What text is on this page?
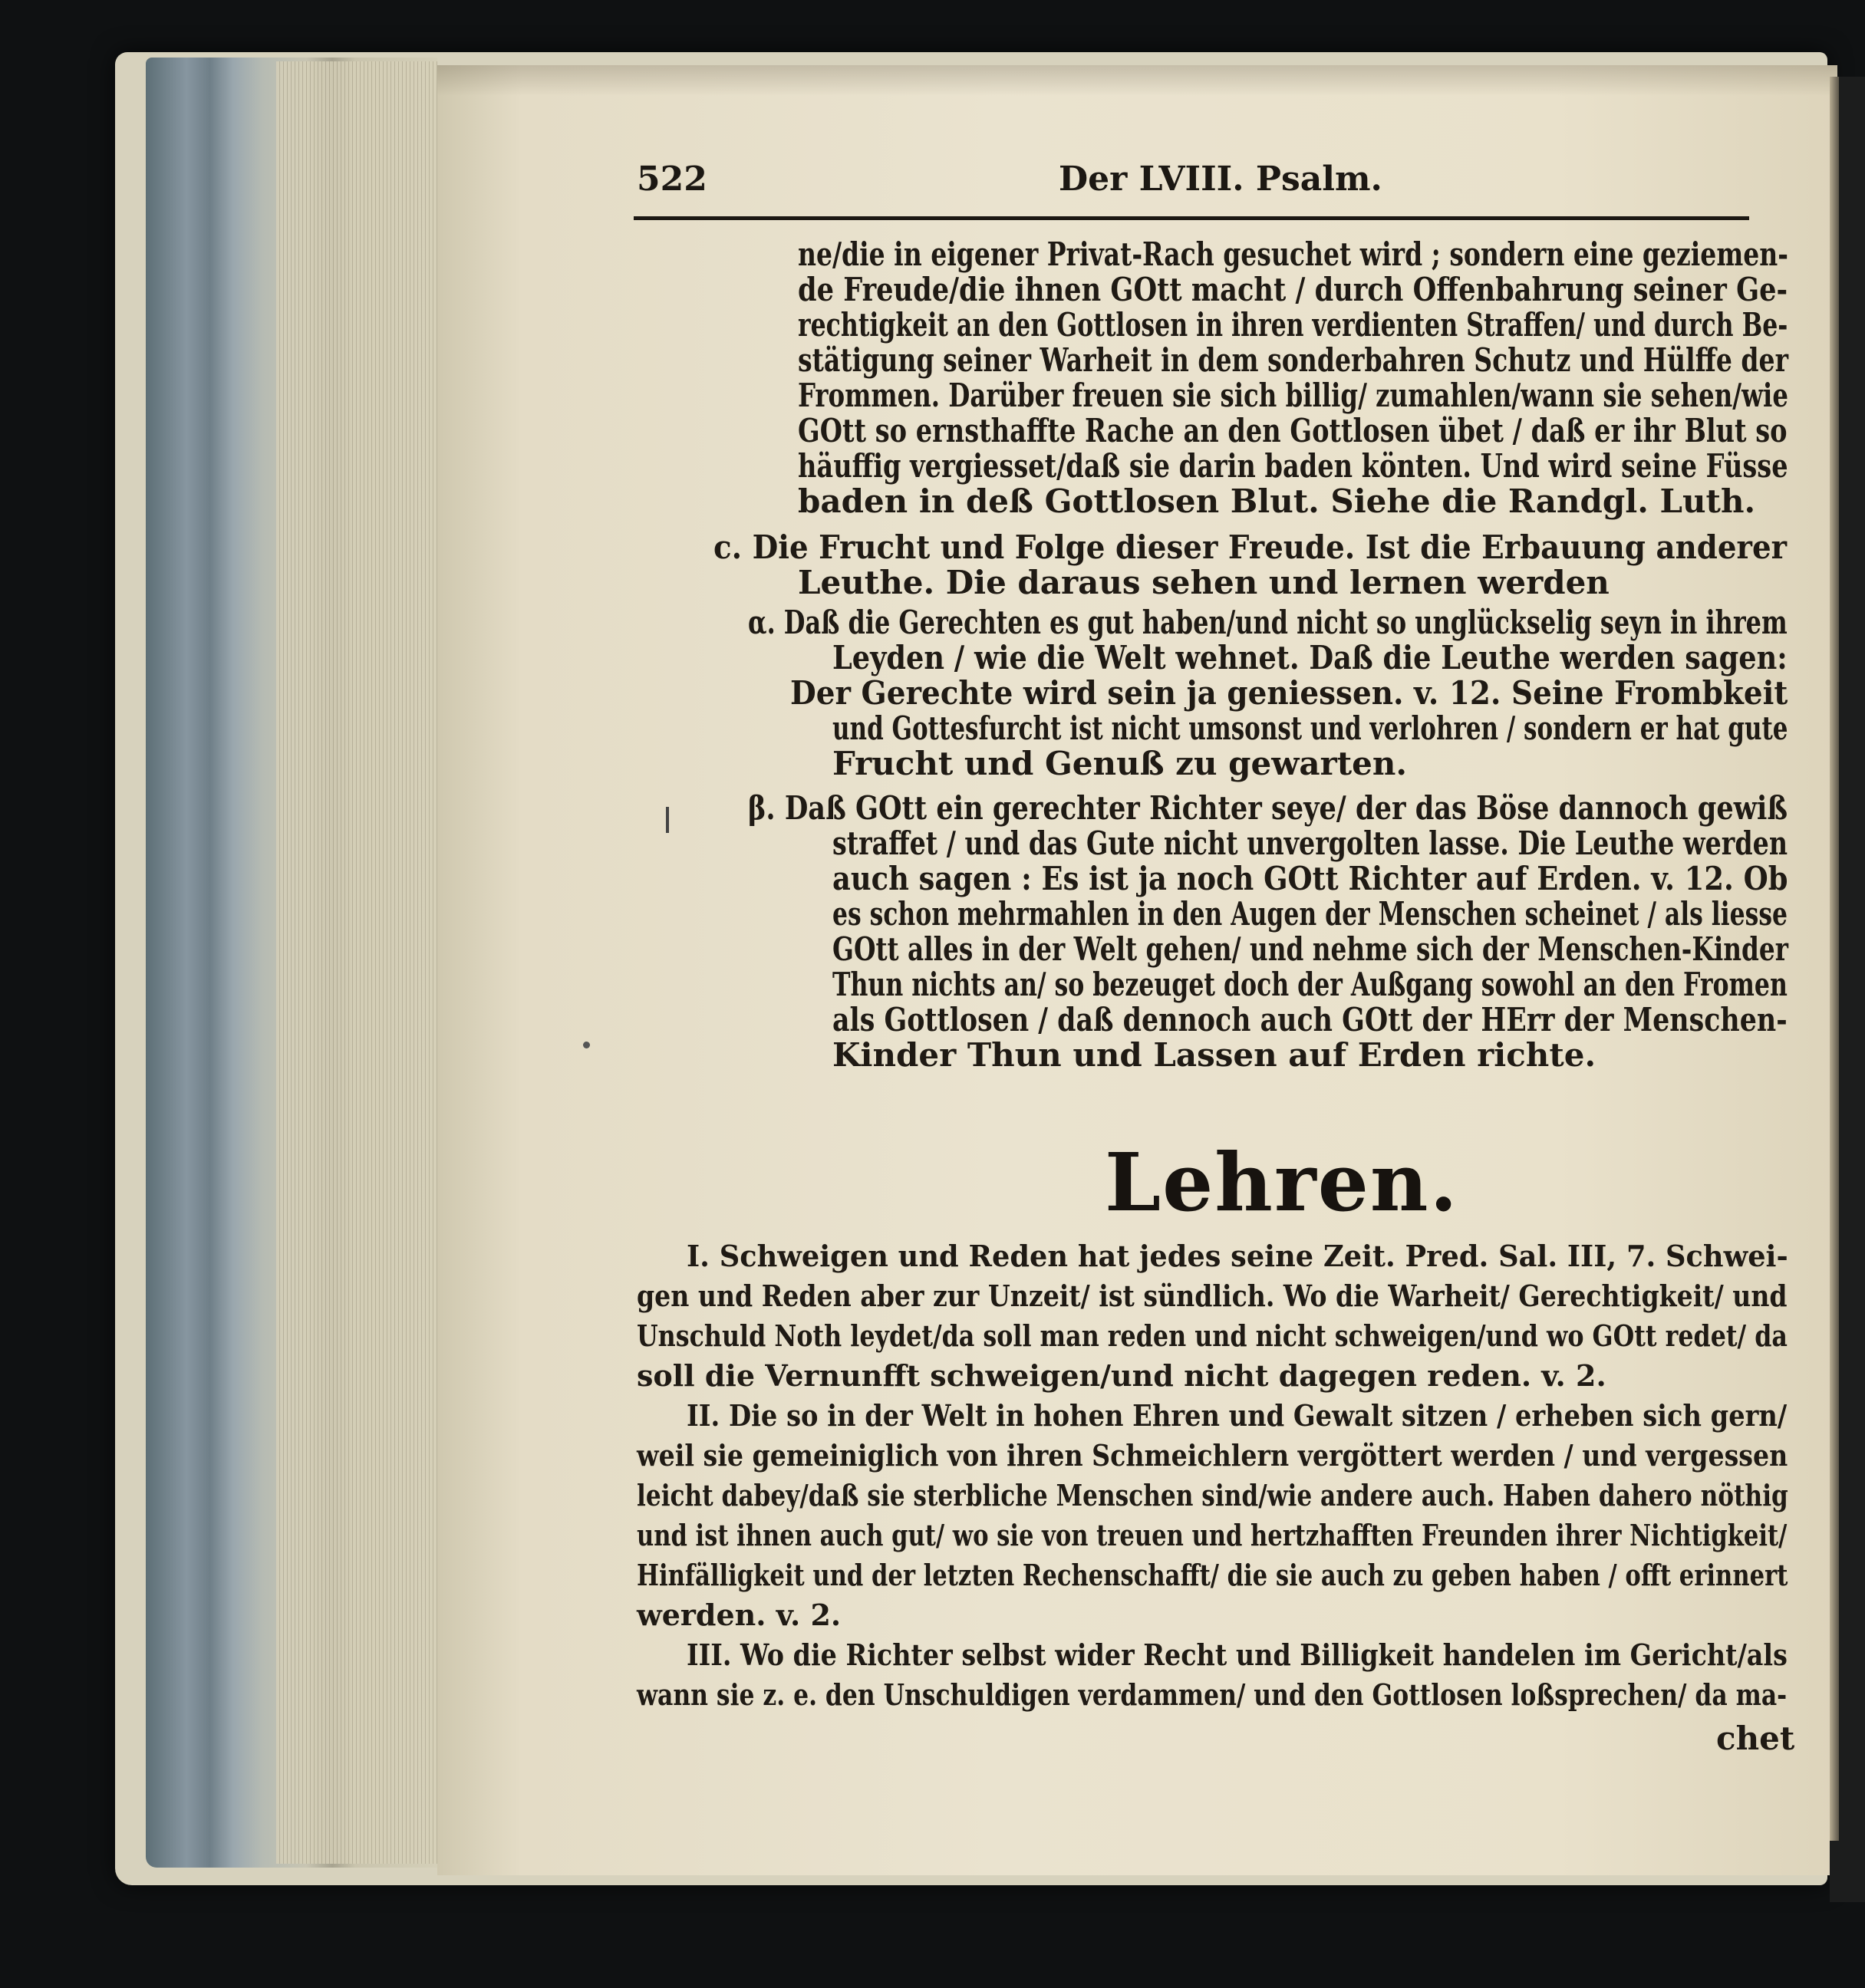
522	Der LVIII. Psalm.
ne/die in eigener Privat-Rach gesuchet wird ; sondern eine geziemen-
de Freude/die ihnen GOtt macht / durch Offenbahrung seiner Ge-
rechtigkeit an den Gottlosen in ihren verdienten Straffen/ und durch Be-
stätigung seiner Warheit in dem sonderbahren Schutz und Hülffe der
Frommen. Darüber freuen sie sich billig/ zumahlen/wann sie sehen/wie
GOtt so ernsthaffte Rache an den Gottlosen übet / daß er ihr Blut so
häuffig vergiesset/daß sie darin baden könten. Und wird seine Füsse
baden in deß Gottlosen Blut. Siehe die Randgl. Luth.
c. Die Frucht und Folge dieser Freude. Ist die Erbauung anderer
Leuthe. Die daraus sehen und lernen werden
α. Daß die Gerechten es gut haben/und nicht so unglückselig seyn in ihrem
Leyden / wie die Welt wehnet. Daß die Leuthe werden sagen:
Der Gerechte wird sein ja geniessen. v. 12. Seine Frombkeit
und Gottesfurcht ist nicht umsonst und verlohren / sondern er hat gute
Frucht und Genuß zu gewarten.
β. Daß GOtt ein gerechter Richter seye/ der das Böse dannoch gewiß
straffet / und das Gute nicht unvergolten lasse. Die Leuthe werden
auch sagen : Es ist ja noch GOtt Richter auf Erden. v. 12. Ob
es schon mehrmahlen in den Augen der Menschen scheinet / als liesse
GOtt alles in der Welt gehen/ und nehme sich der Menschen-Kinder
Thun nichts an/ so bezeuget doch der Außgang sowohl an den Fromen
als Gottlosen / daß dennoch auch GOtt der HErr der Menschen-
Kinder Thun und Lassen auf Erden richte.
Lehren.
I. Schweigen und Reden hat jedes seine Zeit. Pred. Sal. III, 7. Schwei-
gen und Reden aber zur Unzeit/ ist sündlich. Wo die Warheit/ Gerechtigkeit/ und
Unschuld Noth leydet/da soll man reden und nicht schweigen/und wo GOtt redet/ da
soll die Vernunfft schweigen/und nicht dagegen reden. v. 2.
II. Die so in der Welt in hohen Ehren und Gewalt sitzen / erheben sich gern/
weil sie gemeiniglich von ihren Schmeichlern vergöttert werden / und vergessen
leicht dabey/daß sie sterbliche Menschen sind/wie andere auch. Haben dahero nöthig
und ist ihnen auch gut/ wo sie von treuen und hertzhafften Freunden ihrer Nichtigkeit/
Hinfälligkeit und der letzten Rechenschafft/ die sie auch zu geben haben / offt erinnert
werden. v. 2.
III. Wo die Richter selbst wider Recht und Billigkeit handelen im Gericht/als
wann sie z. e. den Unschuldigen verdammen/ und den Gottlosen loßsprechen/ da ma-
chet
